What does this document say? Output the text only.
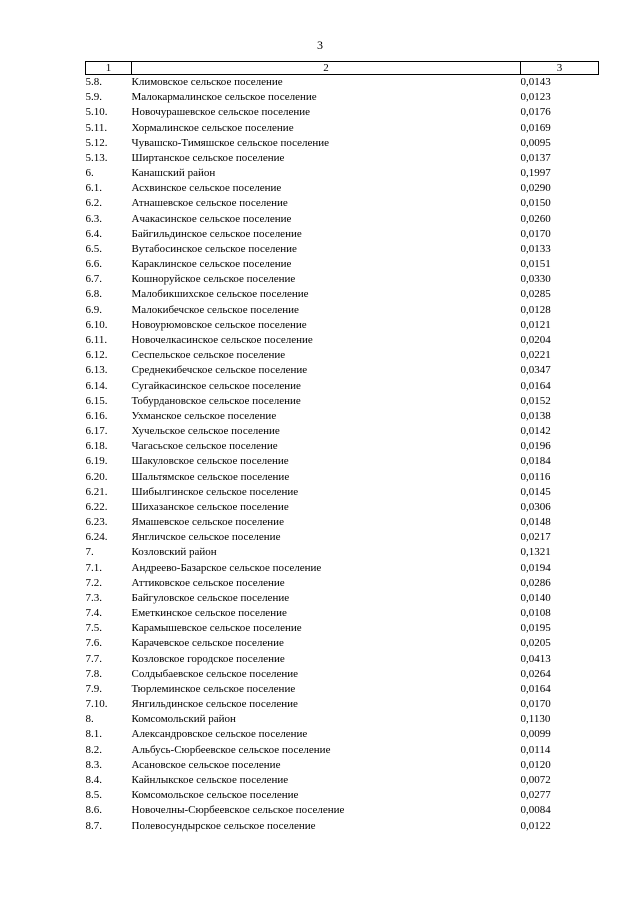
3
1	2	3
5.8.	Климовское сельское поселение	0,0143
5.9.	Малокармалинское сельское поселение	0,0123
5.10.	Новочурашевское сельское поселение	0,0176
5.11.	Хормалинское сельское поселение	0,0169
5.12.	Чувашско-Тимяшское сельское поселение	0,0095
5.13.	Ширтанское сельское поселение	0,0137
6.	Канашский район	0,1997
6.1.	Асхвинское сельское поселение	0,0290
6.2.	Атнашевское сельское поселение	0,0150
6.3.	Ачакасинское сельское поселение	0,0260
6.4.	Байгильдинское сельское поселение	0,0170
6.5.	Вутабосинское сельское поселение	0,0133
6.6.	Караклинское сельское поселение	0,0151
6.7.	Кошноруйское сельское поселение	0,0330
6.8.	Малобикшихское сельское поселение	0,0285
6.9.	Малокибечское сельское поселение	0,0128
6.10.	Новоурюмовское сельское поселение	0,0121
6.11.	Новочелкасинское сельское поселение	0,0204
6.12.	Сеспельское сельское поселение	0,0221
6.13.	Среднекибечское сельское поселение	0,0347
6.14.	Сугайкасинское сельское поселение	0,0164
6.15.	Тобурдановское сельское поселение	0,0152
6.16.	Ухманское сельское поселение	0,0138
6.17.	Хучельское сельское поселение	0,0142
6.18.	Чагасьское сельское поселение	0,0196
6.19.	Шакуловское сельское поселение	0,0184
6.20.	Шальтямское сельское поселение	0,0116
6.21.	Шибылгинское сельское поселение	0,0145
6.22.	Шихазанское сельское поселение	0,0306
6.23.	Ямашевское сельское поселение	0,0148
6.24.	Янгличское сельское поселение	0,0217
7.	Козловский район	0,1321
7.1.	Андреево-Базарское сельское поселение	0,0194
7.2.	Аттиковское сельское поселение	0,0286
7.3.	Байгуловское сельское поселение	0,0140
7.4.	Еметкинское сельское поселение	0,0108
7.5.	Карамышевское сельское поселение	0,0195
7.6.	Карачевское сельское поселение	0,0205
7.7.	Козловское городское поселение	0,0413
7.8.	Солдыбаевское сельское поселение	0,0264
7.9.	Тюрлеминское сельское поселение	0,0164
7.10.	Янгильдинское сельское поселение	0,0170
8.	Комсомольский район	0,1130
8.1.	Александровское сельское поселение	0,0099
8.2.	Альбусь-Сюрбеевское сельское поселение	0,0114
8.3.	Асановское сельское поселение	0,0120
8.4.	Кайнлыкское сельское поселение	0,0072
8.5.	Комсомольское сельское поселение	0,0277
8.6.	Новочелны-Сюрбеевское сельское поселение	0,0084
8.7.	Полевосундырское сельское поселение	0,0122
